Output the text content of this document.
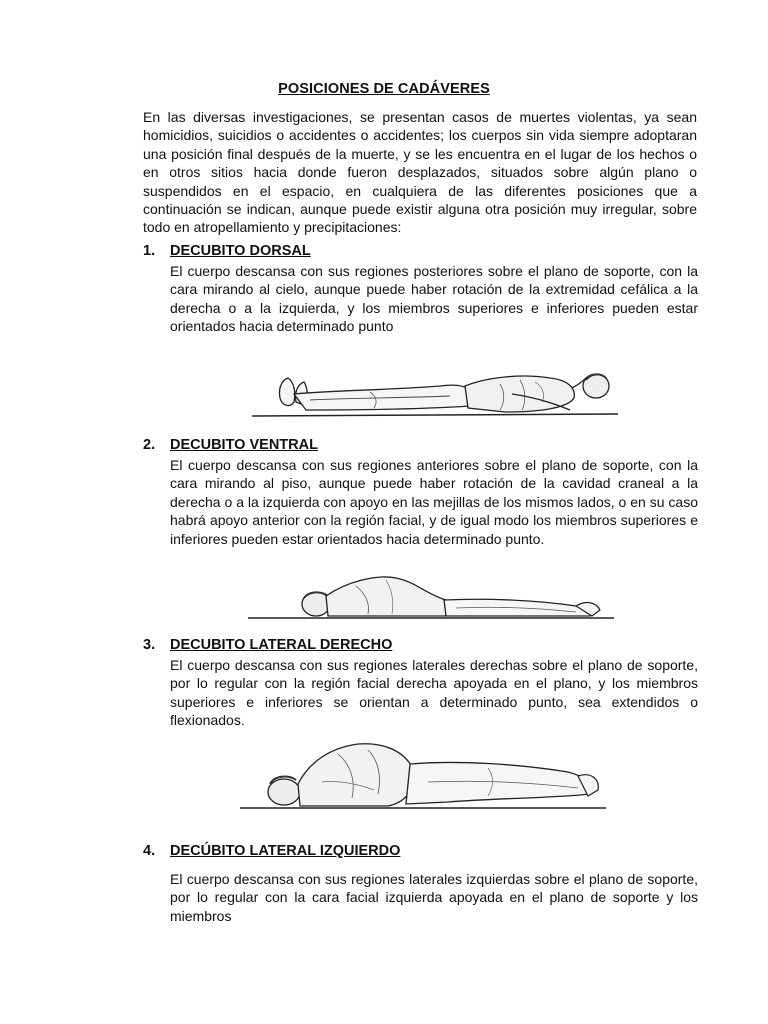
POSICIONES DE CADÁVERES

En las diversas investigaciones, se presentan casos de muertes violentas, ya sean homicidios, suicidios o accidentes o accidentes; los cuerpos sin vida siempre adoptaran una posición final después de la muerte, y se les encuentra en el lugar de los hechos o en otros sitios hacia donde fueron desplazados, situados sobre algún plano o suspendidos en el espacio, en cualquiera de las diferentes posiciones que a continuación se indican, aunque puede existir alguna otra posición muy irregular, sobre todo en atropellamiento y precipitaciones:

1. DECUBITO DORSAL

El cuerpo descansa con sus regiones posteriores sobre el plano de soporte, con la cara mirando al cielo, aunque puede haber rotación de la extremidad cefálica a la derecha o a la izquierda, y los miembros superiores e inferiores pueden estar orientados hacia determinado punto

2. DECUBITO VENTRAL

El cuerpo descansa con sus regiones anteriores sobre el plano de soporte, con la cara mirando al piso, aunque puede haber rotación de la cavidad craneal a la derecha o a la izquierda con apoyo en las mejillas de los mismos lados, o en su caso habrá apoyo anterior con la región facial, y de igual modo los miembros superiores e inferiores pueden estar orientados hacia determinado punto.

3. DECUBITO LATERAL DERECHO

El cuerpo descansa con sus regiones laterales derechas sobre el plano de soporte, por lo regular con la región facial derecha apoyada en el plano, y los miembros superiores e inferiores se orientan a determinado punto, sea extendidos o flexionados.

4. DECÚBITO LATERAL IZQUIERDO

El cuerpo descansa con sus regiones laterales izquierdas sobre el plano de soporte, por lo regular con la cara facial izquierda apoyada en el plano de soporte y los miembros
